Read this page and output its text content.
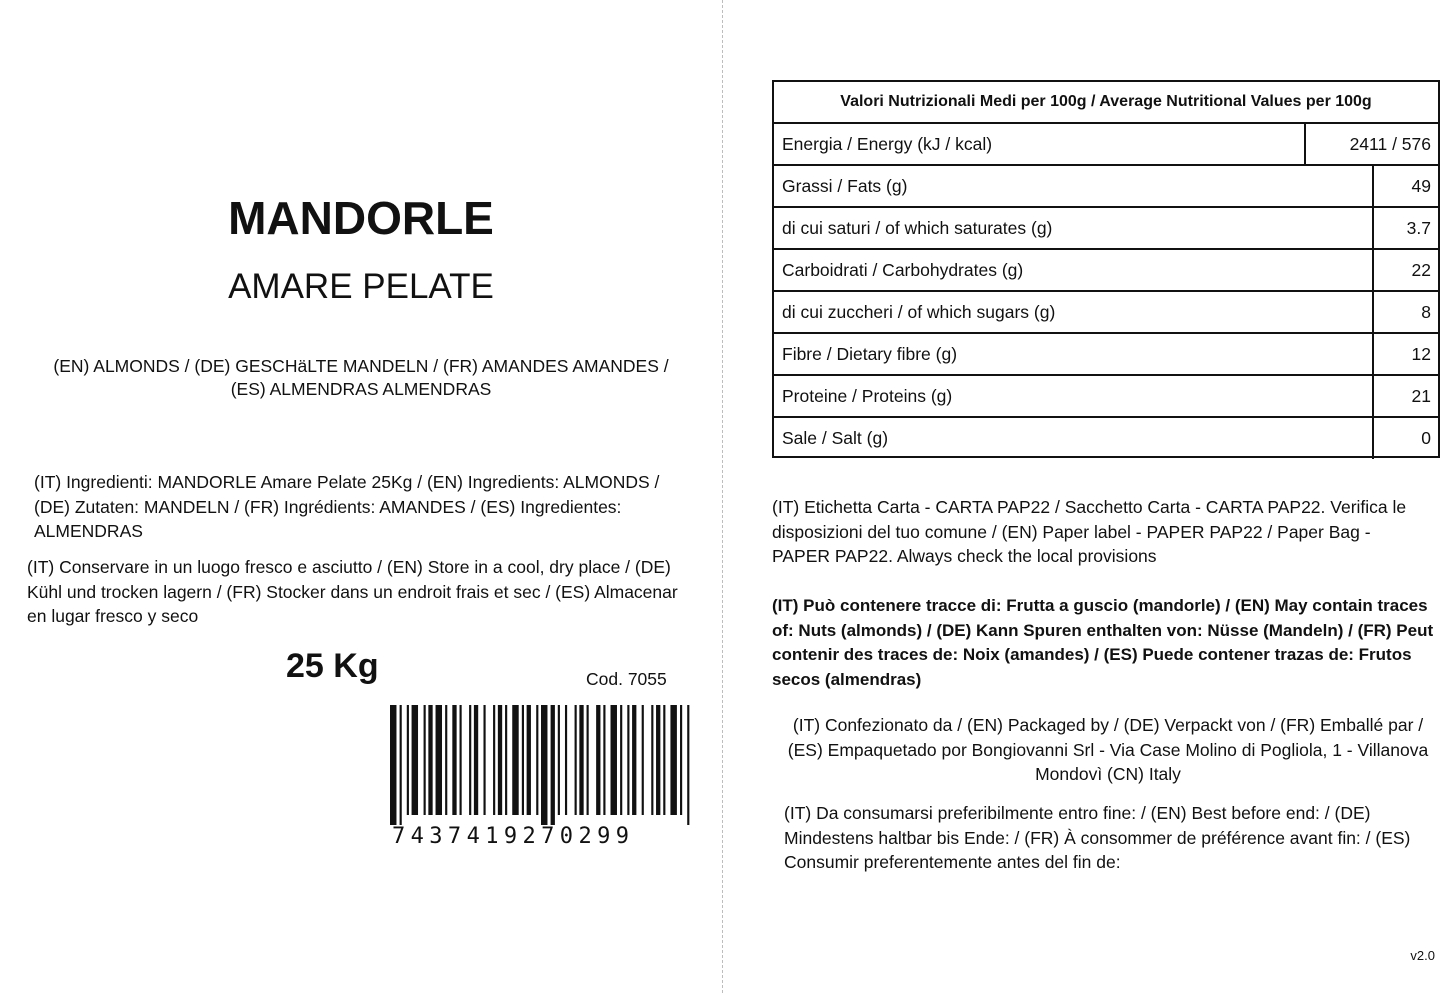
MANDORLE
AMARE PELATE
(EN) ALMONDS / (DE) GESCHäLTE MANDELN / (FR) AMANDES AMANDES /
(ES) ALMENDRAS ALMENDRAS
(IT) Ingredienti: MANDORLE Amare Pelate 25Kg / (EN) Ingredients: ALMONDS / (DE) Zutaten: MANDELN / (FR) Ingrédients: AMANDES / (ES) Ingredientes: ALMENDRAS
(IT) Conservare in un luogo fresco e asciutto / (EN) Store in a cool, dry place / (DE) Kühl und trocken lagern / (FR) Stocker dans un endroit frais et sec / (ES) Almacenar en lugar fresco y seco
25 Kg	Cod. 7055
7437419270299
Valori Nutrizionali Medi per 100g / Average Nutritional Values per 100g
Energia / Energy (kJ / kcal)	2411 / 576
Grassi / Fats (g)	49
di cui saturi / of which saturates (g)	3.7
Carboidrati / Carbohydrates (g)	22
di cui zuccheri / of which sugars (g)	8
Fibre / Dietary fibre (g)	12
Proteine / Proteins (g)	21
Sale / Salt (g)	0
(IT) Etichetta Carta - CARTA PAP22 / Sacchetto Carta - CARTA PAP22. Verifica le disposizioni del tuo comune / (EN) Paper label - PAPER PAP22 / Paper Bag - PAPER PAP22. Always check the local provisions
(IT) Può contenere tracce di: Frutta a guscio (mandorle) / (EN) May contain traces of: Nuts (almonds) / (DE) Kann Spuren enthalten von: Nüsse (Mandeln) / (FR) Peut contenir des traces de: Noix (amandes) / (ES) Puede contener trazas de: Frutos secos (almendras)
(IT) Confezionato da / (EN) Packaged by / (DE) Verpackt von / (FR) Emballé par / (ES) Empaquetado por Bongiovanni Srl - Via Case Molino di Pogliola, 1 - Villanova Mondovì (CN) Italy
(IT) Da consumarsi preferibilmente entro fine: / (EN) Best before end: / (DE) Mindestens haltbar bis Ende: / (FR) À consommer de préférence avant fin: / (ES) Consumir preferentemente antes del fin de:
v2.0
